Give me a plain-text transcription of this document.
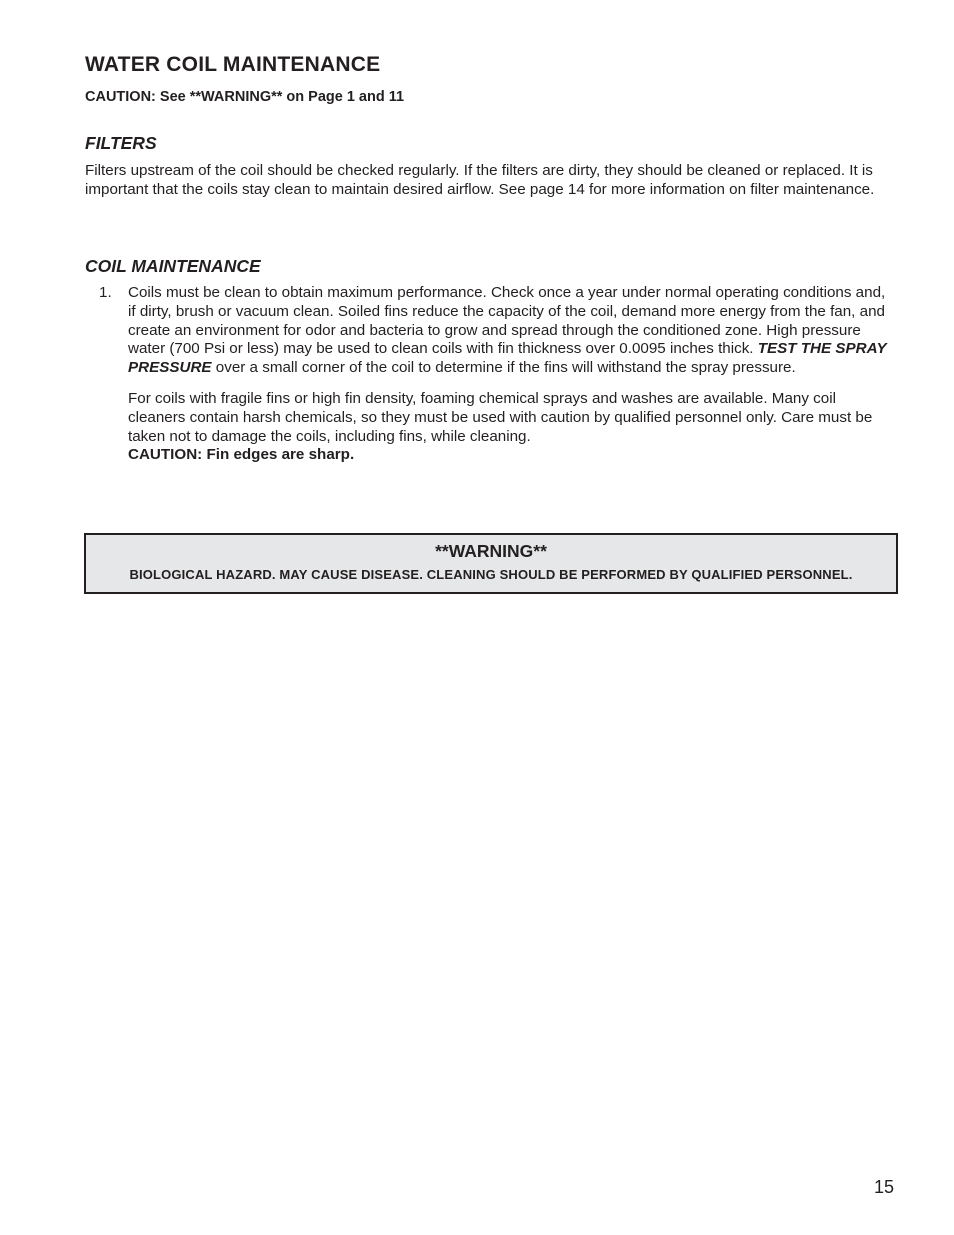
WATER COIL MAINTENANCE

CAUTION: See **WARNING** on Page 1 and 11

FILTERS

Filters upstream of the coil should be checked regularly. If the filters are dirty, they should be cleaned or replaced. It is important that the coils stay clean to maintain desired airflow. See page 14 for more information on filter maintenance.

COIL MAINTENANCE
1.	Coils must be clean to obtain maximum performance. Check once a year under normal operating conditions and, if dirty, brush or vacuum clean. Soiled fins reduce the capacity of the coil, demand more energy from the fan, and create an environment for odor and bacteria to grow and spread through the conditioned zone. High pressure water (700 Psi or less) may be used to clean coils with fin thickness over 0.0095 inches thick. TEST THE SPRAY PRESSURE over a small corner of the coil to determine if the fins will withstand the spray pressure.

For coils with fragile fins or high fin density, foaming chemical sprays and washes are available. Many coil cleaners contain harsh chemicals, so they must be used with caution by qualified personnel only. Care must be taken not to damage the coils, including fins, while cleaning.
CAUTION: Fin edges are sharp.

**WARNING**

BIOLOGICAL HAZARD. MAY CAUSE DISEASE. CLEANING SHOULD BE PERFORMED BY QUALIFIED PERSONNEL.

15
